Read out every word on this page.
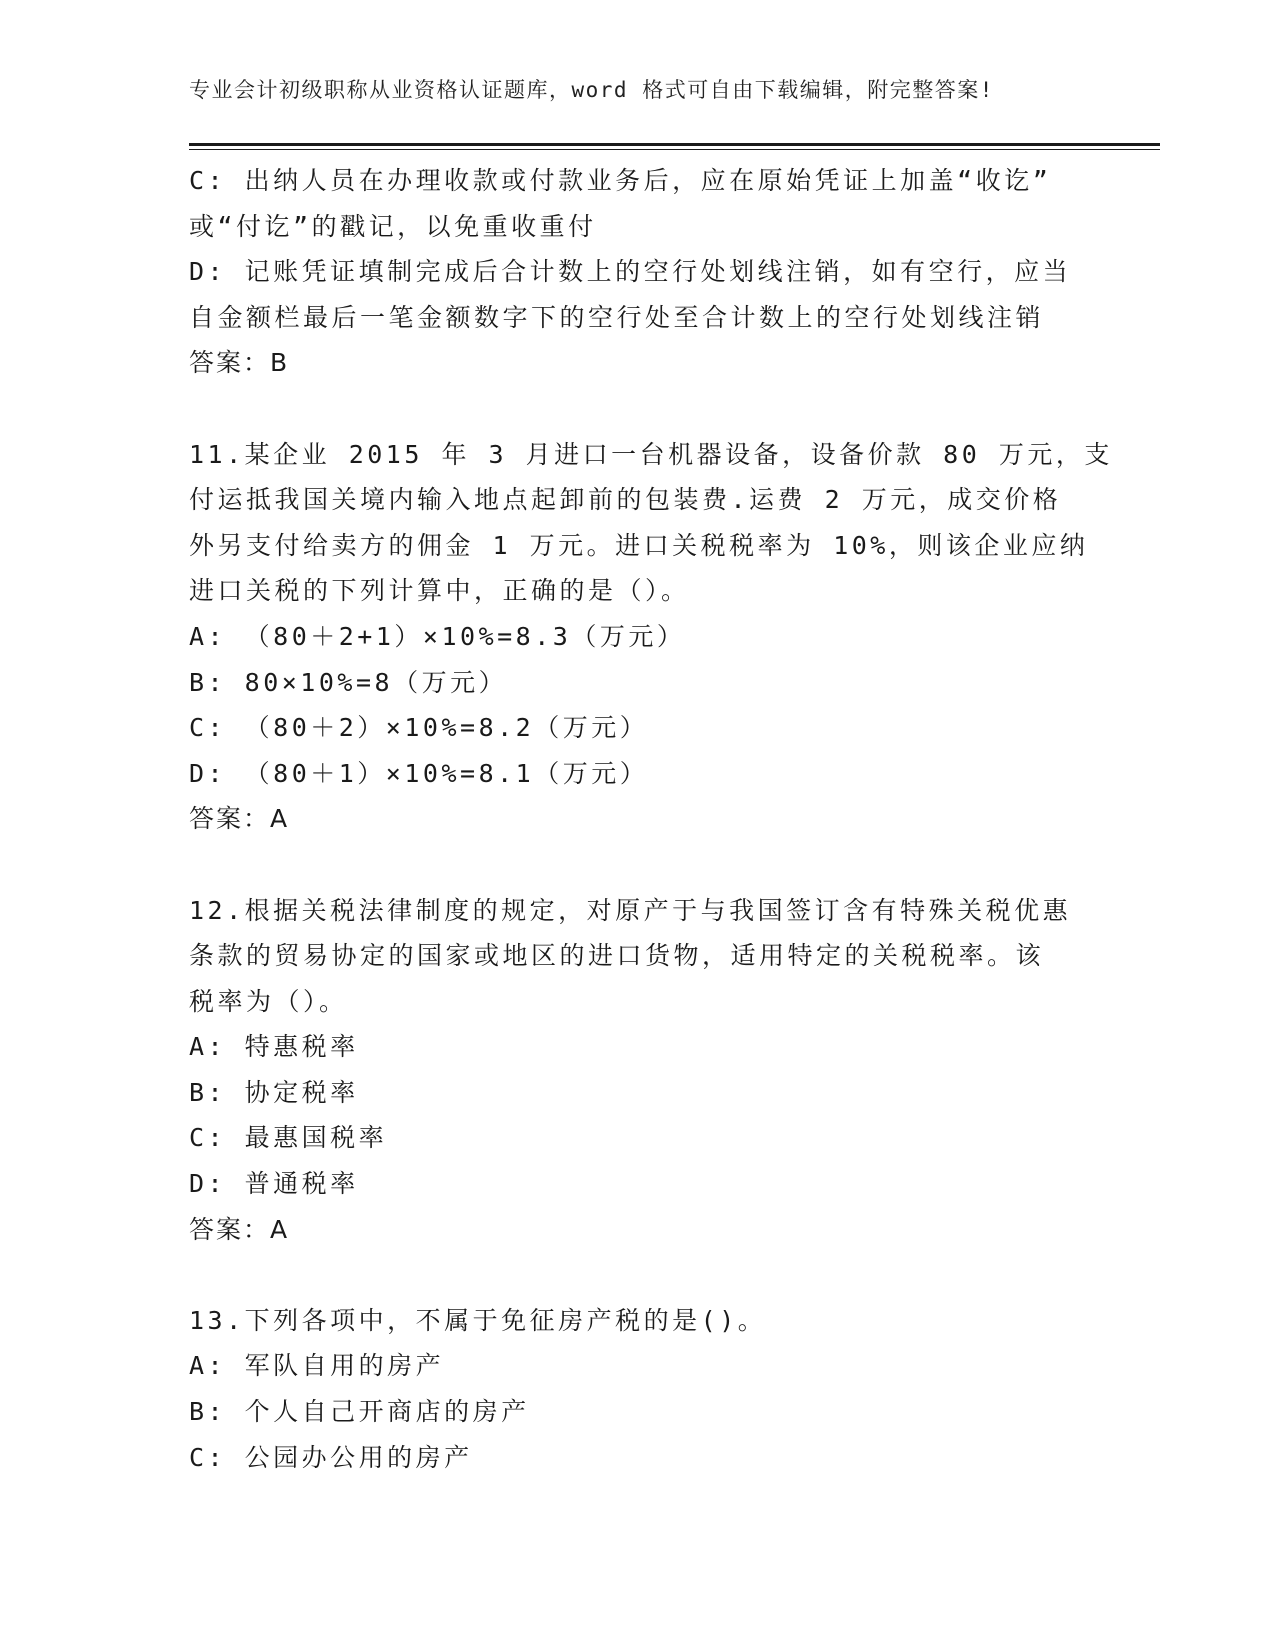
专业会计初级职称从业资格认证题库，word 格式可自由下载编辑，附完整答案!
C: 出纳人员在办理收款或付款业务后，应在原始凭证上加盖“收讫”
或“付讫”的戳记，以免重收重付
D: 记账凭证填制完成后合计数上的空行处划线注销，如有空行，应当
自金额栏最后一笔金额数字下的空行处至合计数上的空行处划线注销
答案：B
11.某企业 2015 年 3 月进口一台机器设备，设备价款 80 万元，支
付运抵我国关境内输入地点起卸前的包装费.运费 2 万元，成交价格
外另支付给卖方的佣金 1 万元。进口关税税率为 10%，则该企业应纳
进口关税的下列计算中，正确的是（）。
A: （80＋2+1）×10%=8.3（万元）
B: 80×10%=8（万元）
C: （80＋2）×10%=8.2（万元）
D: （80＋1）×10%=8.1（万元）
答案：A
12.根据关税法律制度的规定，对原产于与我国签订含有特殊关税优惠
条款的贸易协定的国家或地区的进口货物，适用特定的关税税率。该
税率为（）。
A: 特惠税率
B: 协定税率
C: 最惠国税率
D: 普通税率
答案：A
13.下列各项中，不属于免征房产税的是()。
A: 军队自用的房产
B: 个人自己开商店的房产
C: 公园办公用的房产
